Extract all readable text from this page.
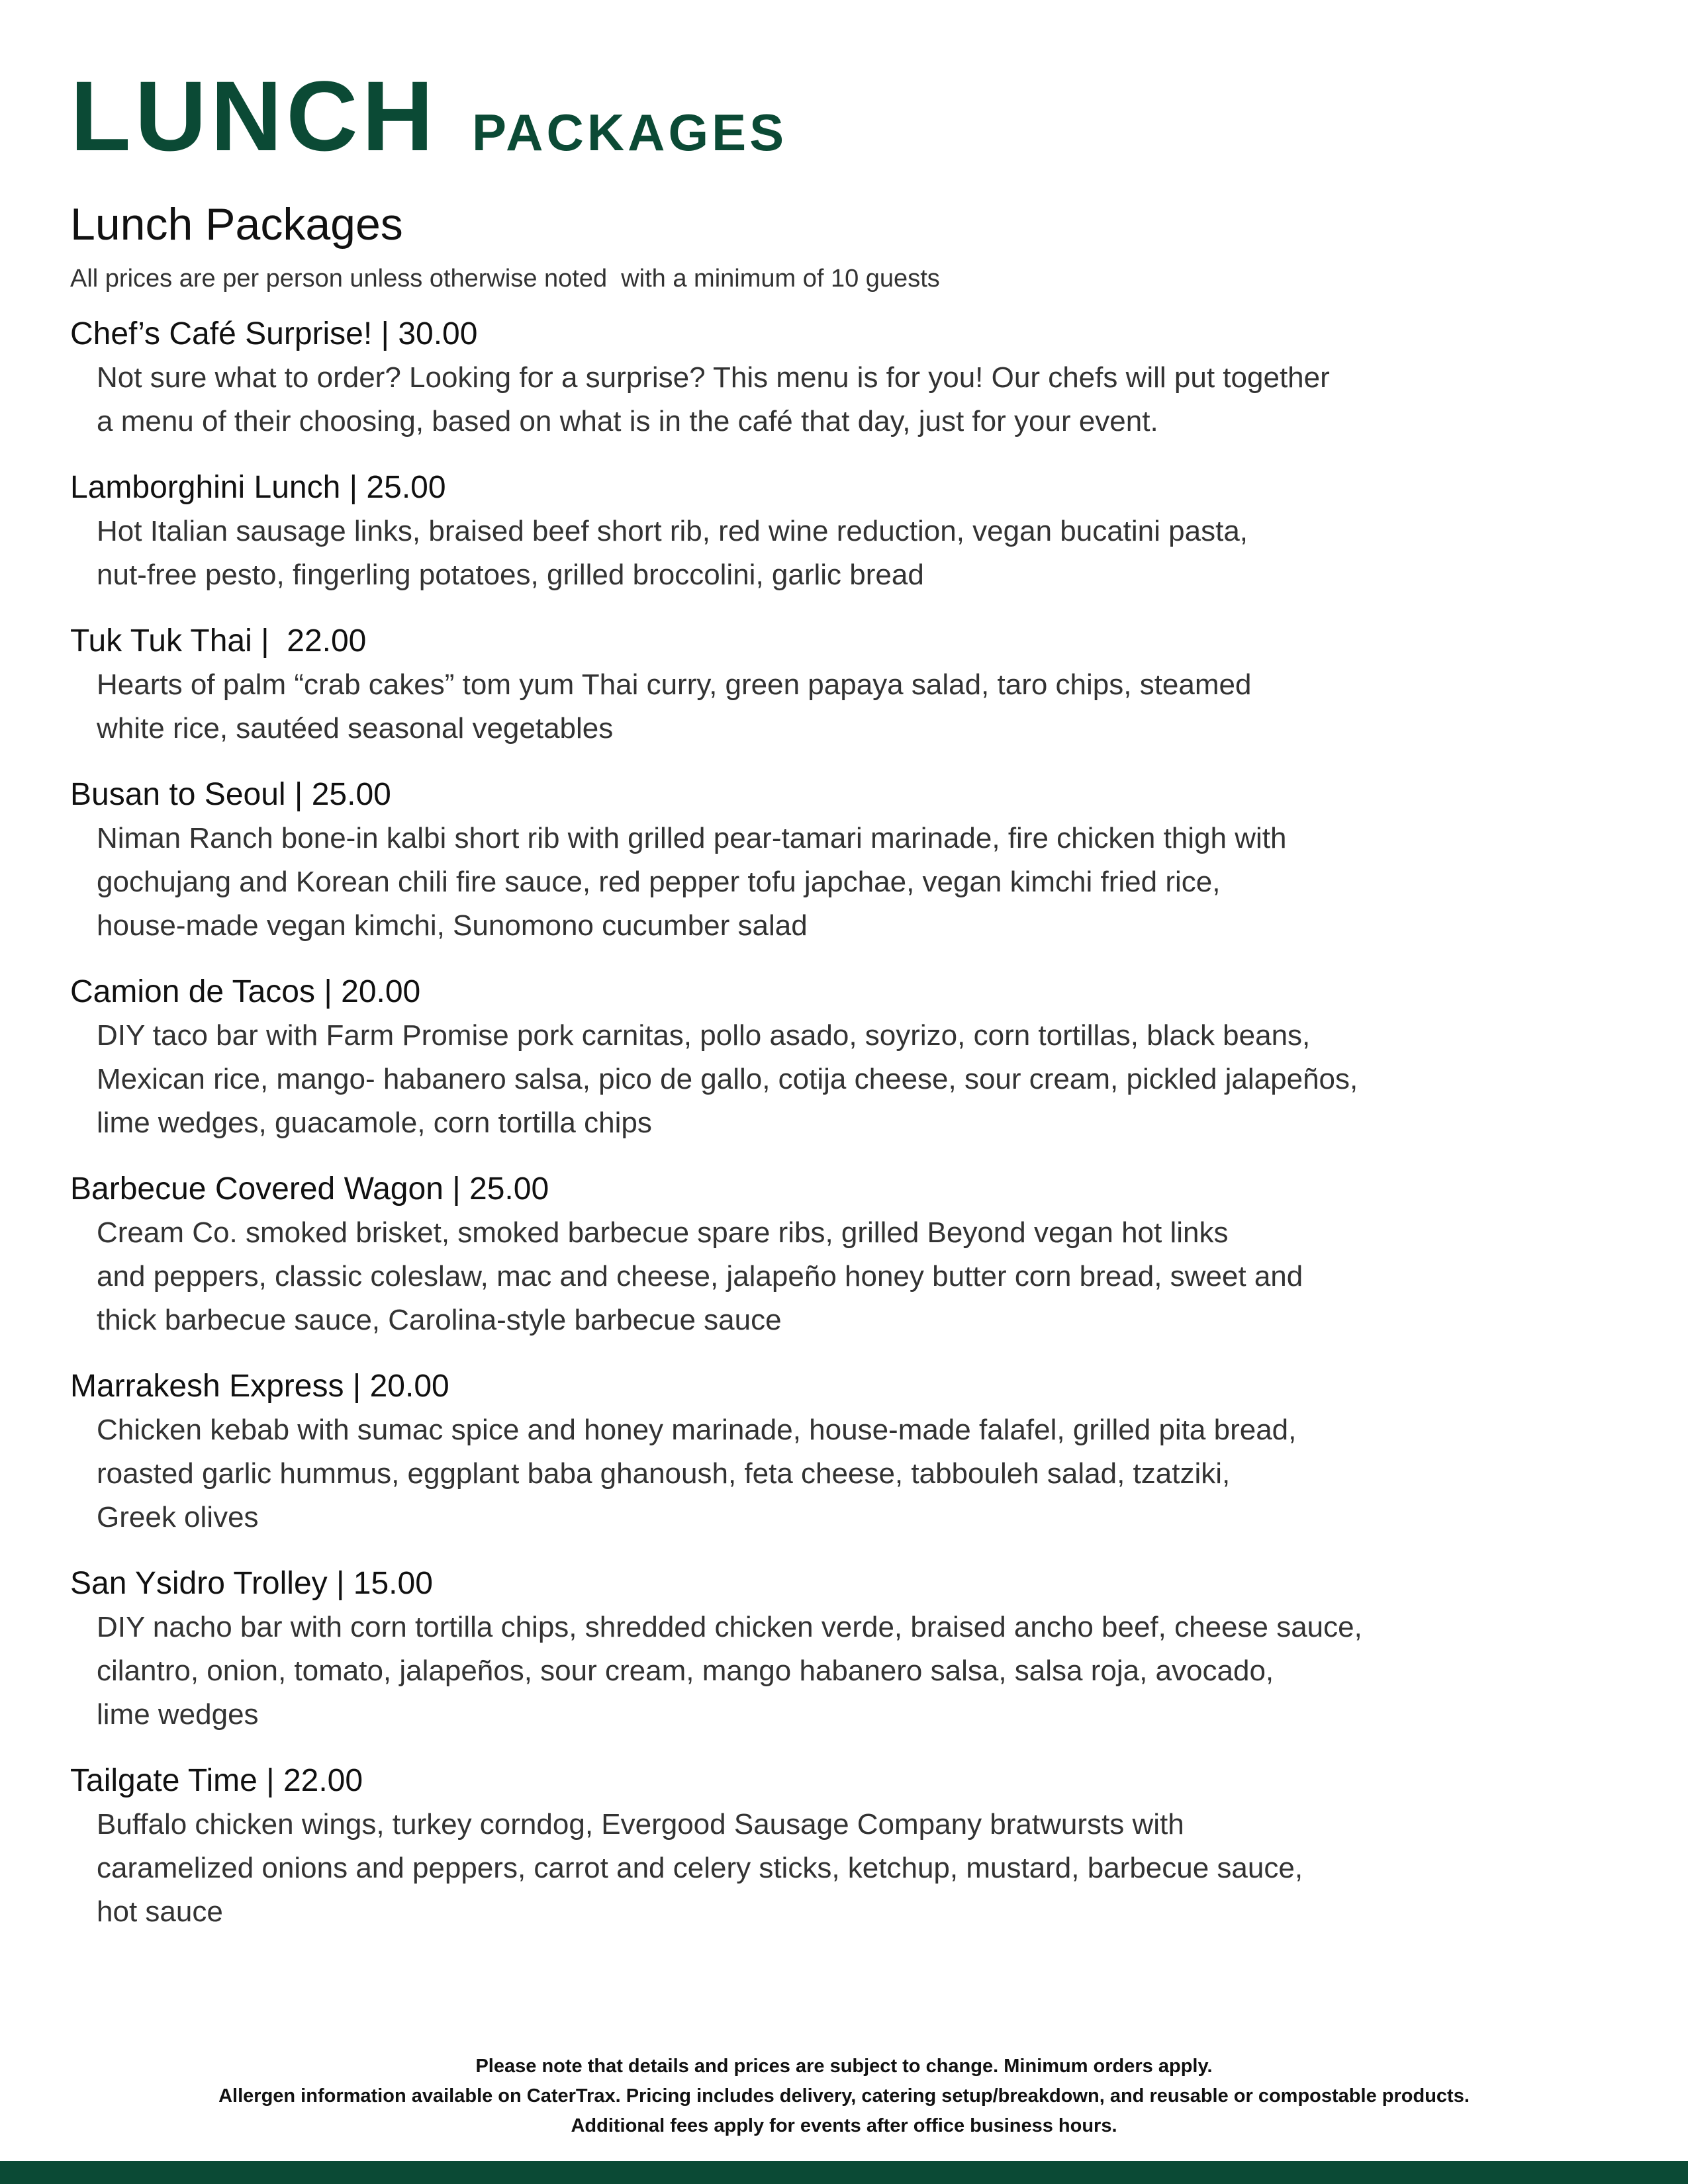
LUNCH PACKAGES
Lunch Packages
All prices are per person unless otherwise noted  with a minimum of 10 guests
Chef’s Café Surprise! | 30.00
Not sure what to order? Looking for a surprise? This menu is for you! Our chefs will put together
a menu of their choosing, based on what is in the café that day, just for your event.
Lamborghini Lunch | 25.00
Hot Italian sausage links, braised beef short rib, red wine reduction, vegan bucatini pasta,
nut-free pesto, fingerling potatoes, grilled broccolini, garlic bread
Tuk Tuk Thai |  22.00
Hearts of palm “crab cakes” tom yum Thai curry, green papaya salad, taro chips, steamed
white rice, sautéed seasonal vegetables
Busan to Seoul | 25.00
Niman Ranch bone-in kalbi short rib with grilled pear-tamari marinade, fire chicken thigh with
gochujang and Korean chili fire sauce, red pepper tofu japchae, vegan kimchi fried rice,
house-made vegan kimchi, Sunomono cucumber salad
Camion de Tacos | 20.00
DIY taco bar with Farm Promise pork carnitas, pollo asado, soyrizo, corn tortillas, black beans,
Mexican rice, mango- habanero salsa, pico de gallo, cotija cheese, sour cream, pickled jalapeños,
lime wedges, guacamole, corn tortilla chips
Barbecue Covered Wagon | 25.00
Cream Co. smoked brisket, smoked barbecue spare ribs, grilled Beyond vegan hot links
and peppers, classic coleslaw, mac and cheese, jalapeño honey butter corn bread, sweet and
thick barbecue sauce, Carolina-style barbecue sauce
Marrakesh Express | 20.00
Chicken kebab with sumac spice and honey marinade, house-made falafel, grilled pita bread,
roasted garlic hummus, eggplant baba ghanoush, feta cheese, tabbouleh salad, tzatziki,
Greek olives
San Ysidro Trolley | 15.00
DIY nacho bar with corn tortilla chips, shredded chicken verde, braised ancho beef, cheese sauce,
cilantro, onion, tomato, jalapeños, sour cream, mango habanero salsa, salsa roja, avocado,
lime wedges
Tailgate Time | 22.00
Buffalo chicken wings, turkey corndog, Evergood Sausage Company bratwursts with
caramelized onions and peppers, carrot and celery sticks, ketchup, mustard, barbecue sauce,
hot sauce
Please note that details and prices are subject to change. Minimum orders apply.
Allergen information available on CaterTrax. Pricing includes delivery, catering setup/breakdown, and reusable or compostable products.
Additional fees apply for events after office business hours.
